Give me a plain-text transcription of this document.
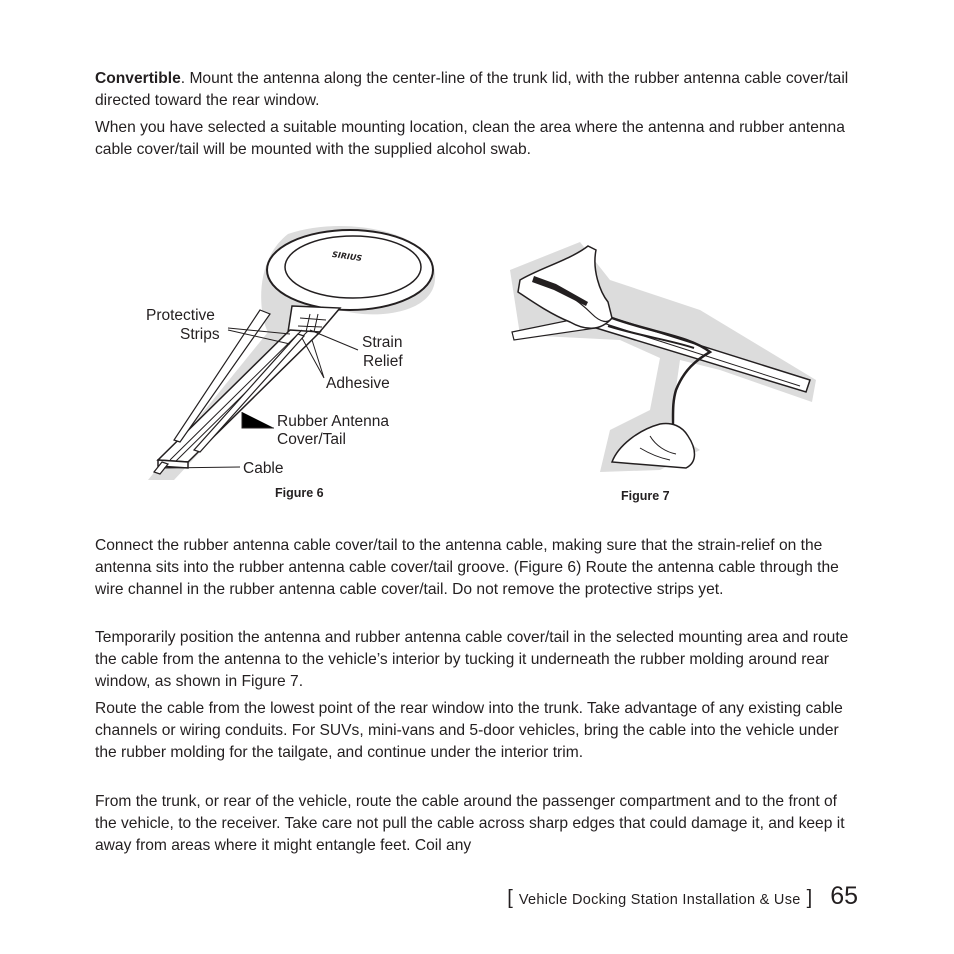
Convertible. Mount the antenna along the center-line of the trunk lid, with the rubber antenna cable cover/tail directed toward the rear window.

When you have selected a suitable mounting location, clean the area where the antenna and rubber antenna cable cover/tail will be mounted with the supplied alcohol swab.

SIRIUS
Protective
Strips	Strain
Relief
Adhesive
Rubber Antenna
Cover/Tail
Cable
Figure 6	Figure 7

Connect the rubber antenna cable cover/tail to the antenna cable, making sure that the strain-relief on the antenna sits into the rubber antenna cable cover/tail groove. (Figure 6) Route the antenna cable through the wire channel in the rubber antenna cable cover/tail. Do not remove the protective strips yet.

Temporarily position the antenna and rubber antenna cable cover/tail in the selected mounting area and route the cable from the antenna to the vehicle’s interior by tucking it underneath the rubber molding around rear window, as shown in Figure 7.

Route the cable from the lowest point of the rear window into the trunk. Take advantage of any existing cable channels or wiring conduits. For SUVs, mini-vans and 5-door vehicles, bring the cable into the vehicle under the rubber molding for the tailgate, and continue under the interior trim.

From the trunk, or rear of the vehicle, route the cable around the passenger compartment and to the front of the vehicle, to the receiver. Take care not pull the cable across sharp edges that could damage it, and keep it away from areas where it might entangle feet. Coil any

[ Vehicle Docking Station Installation & Use ] 65
